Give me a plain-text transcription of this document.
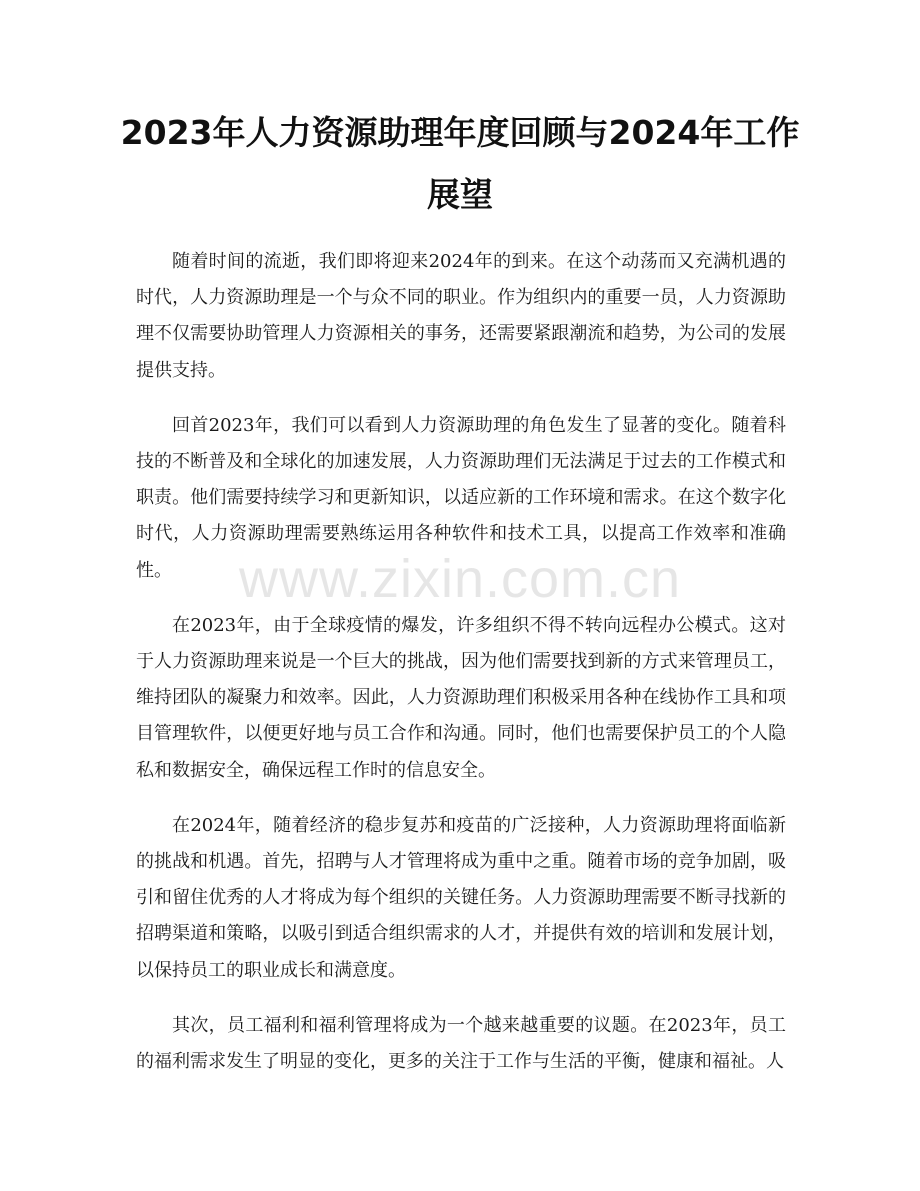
2023年人力资源助理年度回顾与2024年工作展望

随着时间的流逝，我们即将迎来2024年的到来。在这个动荡而又充满机遇的时代，人力资源助理是一个与众不同的职业。作为组织内的重要一员，人力资源助理不仅需要协助管理人力资源相关的事务，还需要紧跟潮流和趋势，为公司的发展提供支持。

回首2023年，我们可以看到人力资源助理的角色发生了显著的变化。随着科技的不断普及和全球化的加速发展，人力资源助理们无法满足于过去的工作模式和职责。他们需要持续学习和更新知识，以适应新的工作环境和需求。在这个数字化时代，人力资源助理需要熟练运用各种软件和技术工具，以提高工作效率和准确性。

在2023年，由于全球疫情的爆发，许多组织不得不转向远程办公模式。这对于人力资源助理来说是一个巨大的挑战，因为他们需要找到新的方式来管理员工，维持团队的凝聚力和效率。因此，人力资源助理们积极采用各种在线协作工具和项目管理软件，以便更好地与员工合作和沟通。同时，他们也需要保护员工的个人隐私和数据安全，确保远程工作时的信息安全。

在2024年，随着经济的稳步复苏和疫苗的广泛接种，人力资源助理将面临新的挑战和机遇。首先，招聘与人才管理将成为重中之重。随着市场的竞争加剧，吸引和留住优秀的人才将成为每个组织的关键任务。人力资源助理需要不断寻找新的招聘渠道和策略，以吸引到适合组织需求的人才，并提供有效的培训和发展计划，以保持员工的职业成长和满意度。

其次，员工福利和福利管理将成为一个越来越重要的议题。在2023年，员工的福利需求发生了明显的变化，更多的关注于工作与生活的平衡，健康和福祉。人

www.zixin.com.cn
